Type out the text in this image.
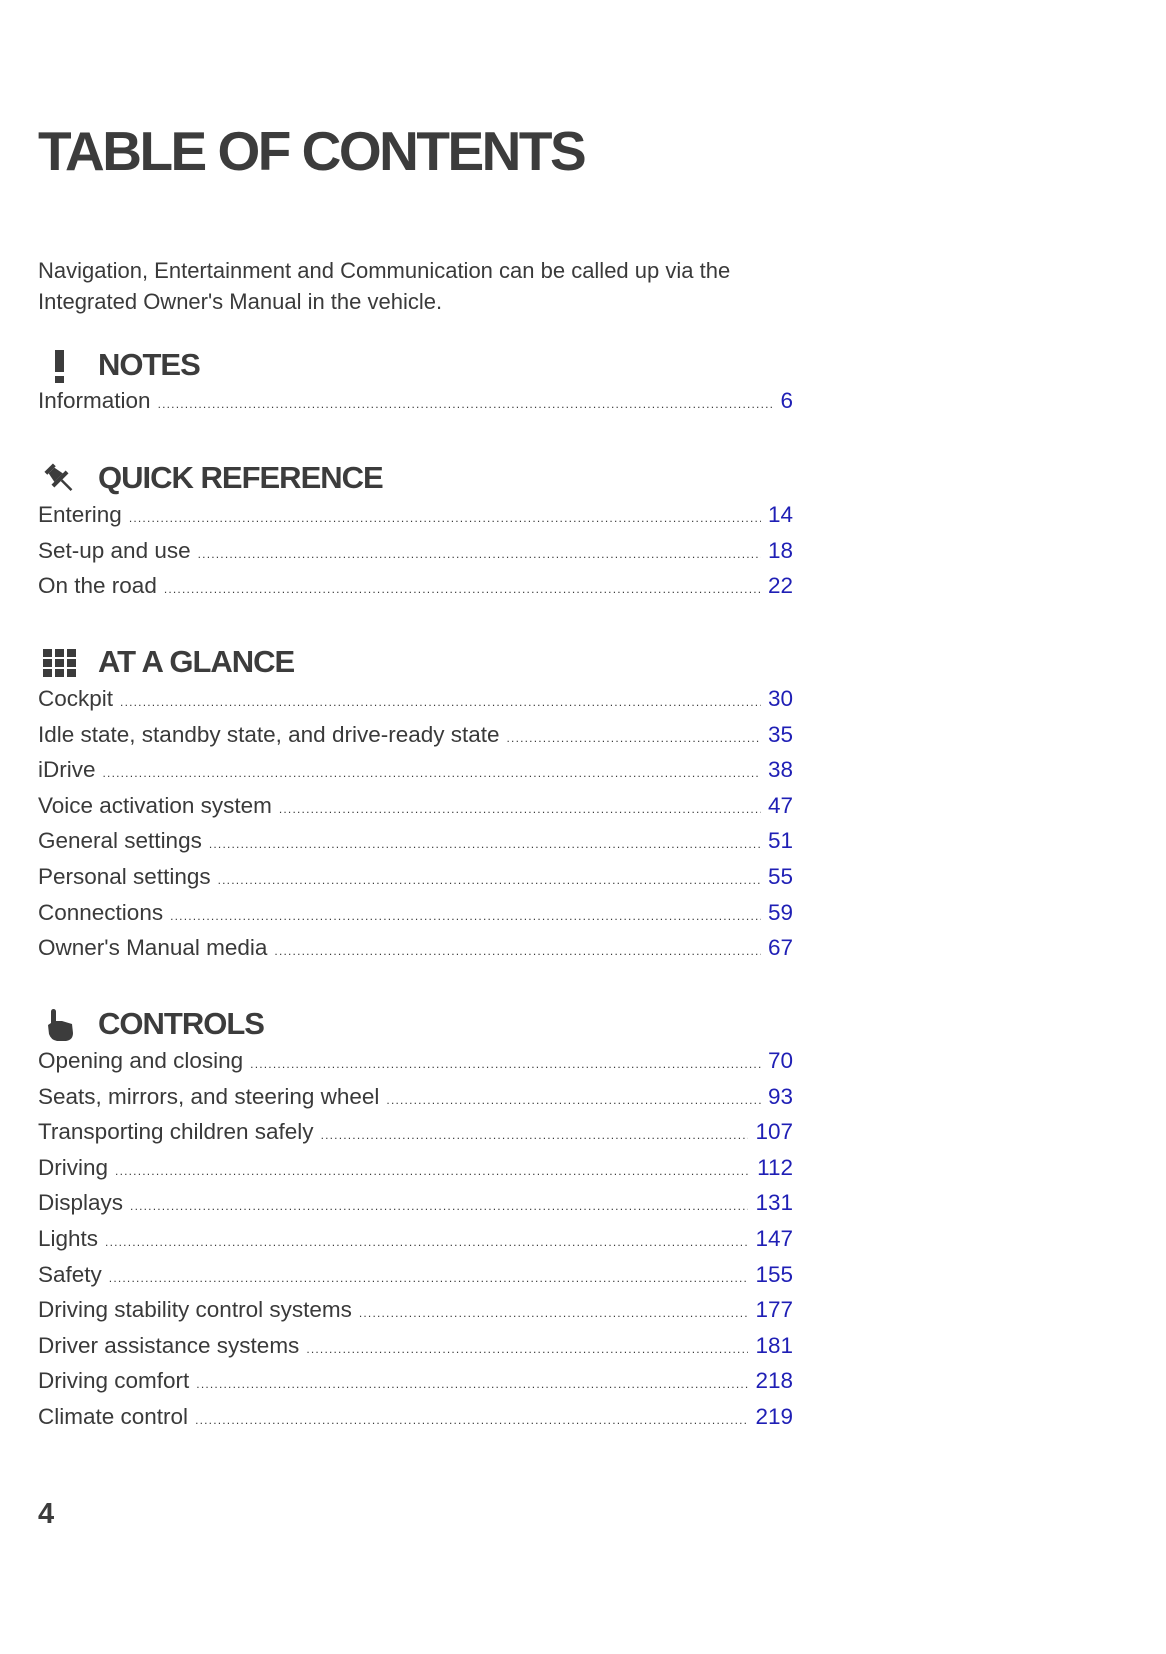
TABLE OF CONTENTS

Navigation, Entertainment and Communication can be called up via the Integrated Owner's Manual in the vehicle.

NOTES
Information .....	6
QUICK REFERENCE
Entering .....	14
Set-up and use .....	18
On the road .....	22
AT A GLANCE
Cockpit .....	30
Idle state, standby state, and drive-ready state .....	35
iDrive .....	38
Voice activation system .....	47
General settings .....	51
Personal settings .....	55
Connections .....	59
Owner's Manual media .....	67
CONTROLS
Opening and closing .....	70
Seats, mirrors, and steering wheel .....	93
Transporting children safely .....	107
Driving .....	112
Displays .....	131
Lights .....	147
Safety .....	155
Driving stability control systems .....	177
Driver assistance systems .....	181
Driving comfort .....	218
Climate control .....	219
4
